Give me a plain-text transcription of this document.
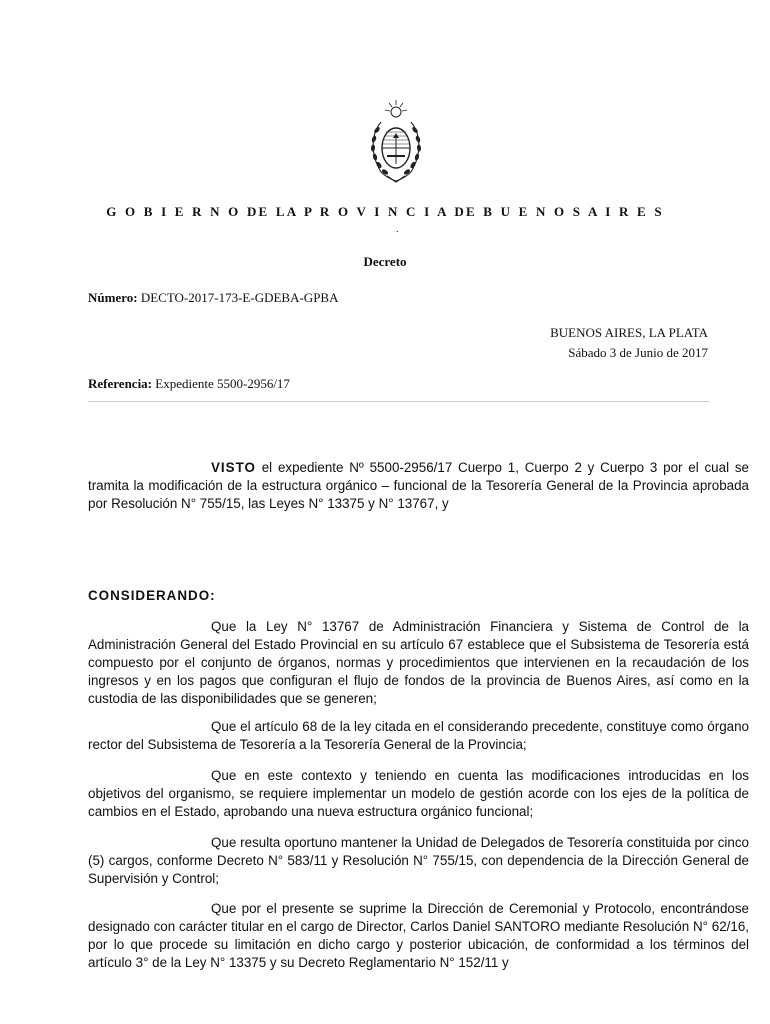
G O B I E R N O DE LA P R O V I N C I A DE B U E N O S A I R E S
.
Decreto
Número: DECTO-2017-173-E-GDEBA-GPBA
BUENOS AIRES, LA PLATA
Sábado 3 de Junio de 2017
Referencia: Expediente 5500-2956/17

VISTO el expediente Nº 5500-2956/17 Cuerpo 1, Cuerpo 2 y Cuerpo 3 por el cual se tramita la modificación de la estructura orgánico – funcional de la Tesorería General de la Provincia aprobada por Resolución N° 755/15, las Leyes N° 13375 y N° 13767, y

CONSIDERANDO:

Que la Ley N° 13767 de Administración Financiera y Sistema de Control de la Administración General del Estado Provincial en su artículo 67 establece que el Subsistema de Tesorería está compuesto por el conjunto de órganos, normas y procedimientos que intervienen en la recaudación de los ingresos y en los pagos que configuran el flujo de fondos de la provincia de Buenos Aires, así como en la custodia de las disponibilidades que se generen;

Que el artículo 68 de la ley citada en el considerando precedente, constituye como órgano rector del Subsistema de Tesorería a la Tesorería General de la Provincia;

Que en este contexto y teniendo en cuenta las modificaciones introducidas en los objetivos del organismo, se requiere implementar un modelo de gestión acorde con los ejes de la política de cambios en el Estado, aprobando una nueva estructura orgánico funcional;

Que resulta oportuno mantener la Unidad de Delegados de Tesorería constituida por cinco (5) cargos, conforme Decreto N° 583/11 y Resolución N° 755/15, con dependencia de la Dirección General de Supervisión y Control;

Que por el presente se suprime la Dirección de Ceremonial y Protocolo, encontrándose designado con carácter titular en el cargo de Director, Carlos Daniel SANTORO mediante Resolución N° 62/16, por lo que procede su limitación en dicho cargo y posterior ubicación, de conformidad a los términos del artículo 3° de la Ley N° 13375 y su Decreto Reglamentario N° 152/11 y
